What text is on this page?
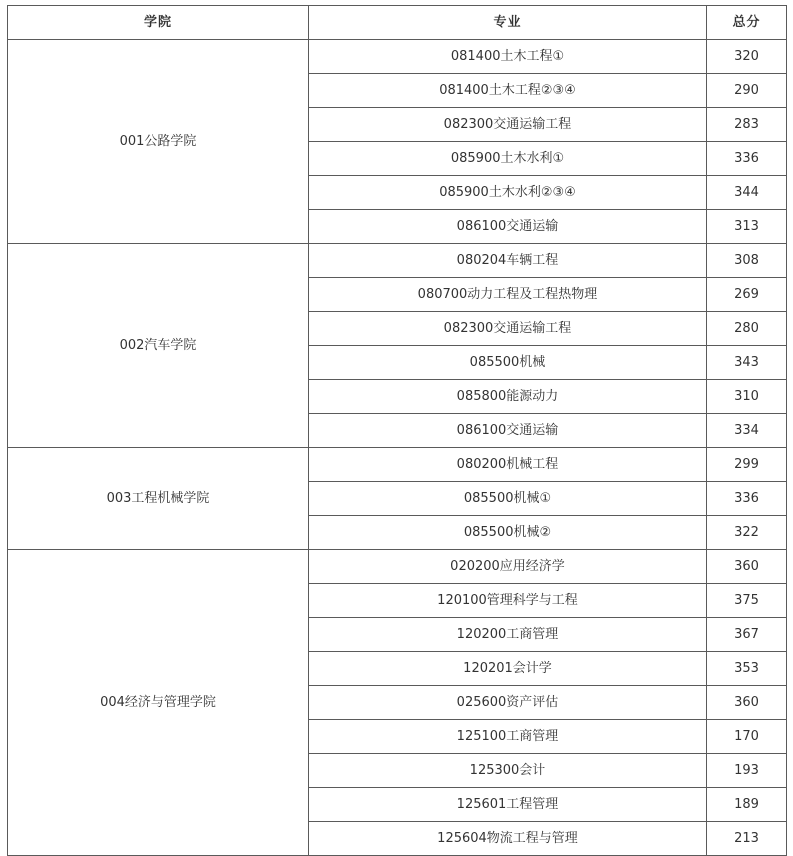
学院	专业	总分
001公路学院	081400土木工程①	320
	081400土木工程②③④	290
	082300交通运输工程	283
	085900土木水利①	336
	085900土木水利②③④	344
	086100交通运输	313
002汽车学院	080204车辆工程	308
	080700动力工程及工程热物理	269
	082300交通运输工程	280
	085500机械	343
	085800能源动力	310
	086100交通运输	334
003工程机械学院	080200机械工程	299
	085500机械①	336
	085500机械②	322
004经济与管理学院	020200应用经济学	360
	120100管理科学与工程	375
	120200工商管理	367
	120201会计学	353
	025600资产评估	360
	125100工商管理	170
	125300会计	193
	125601工程管理	189
	125604物流工程与管理	213
